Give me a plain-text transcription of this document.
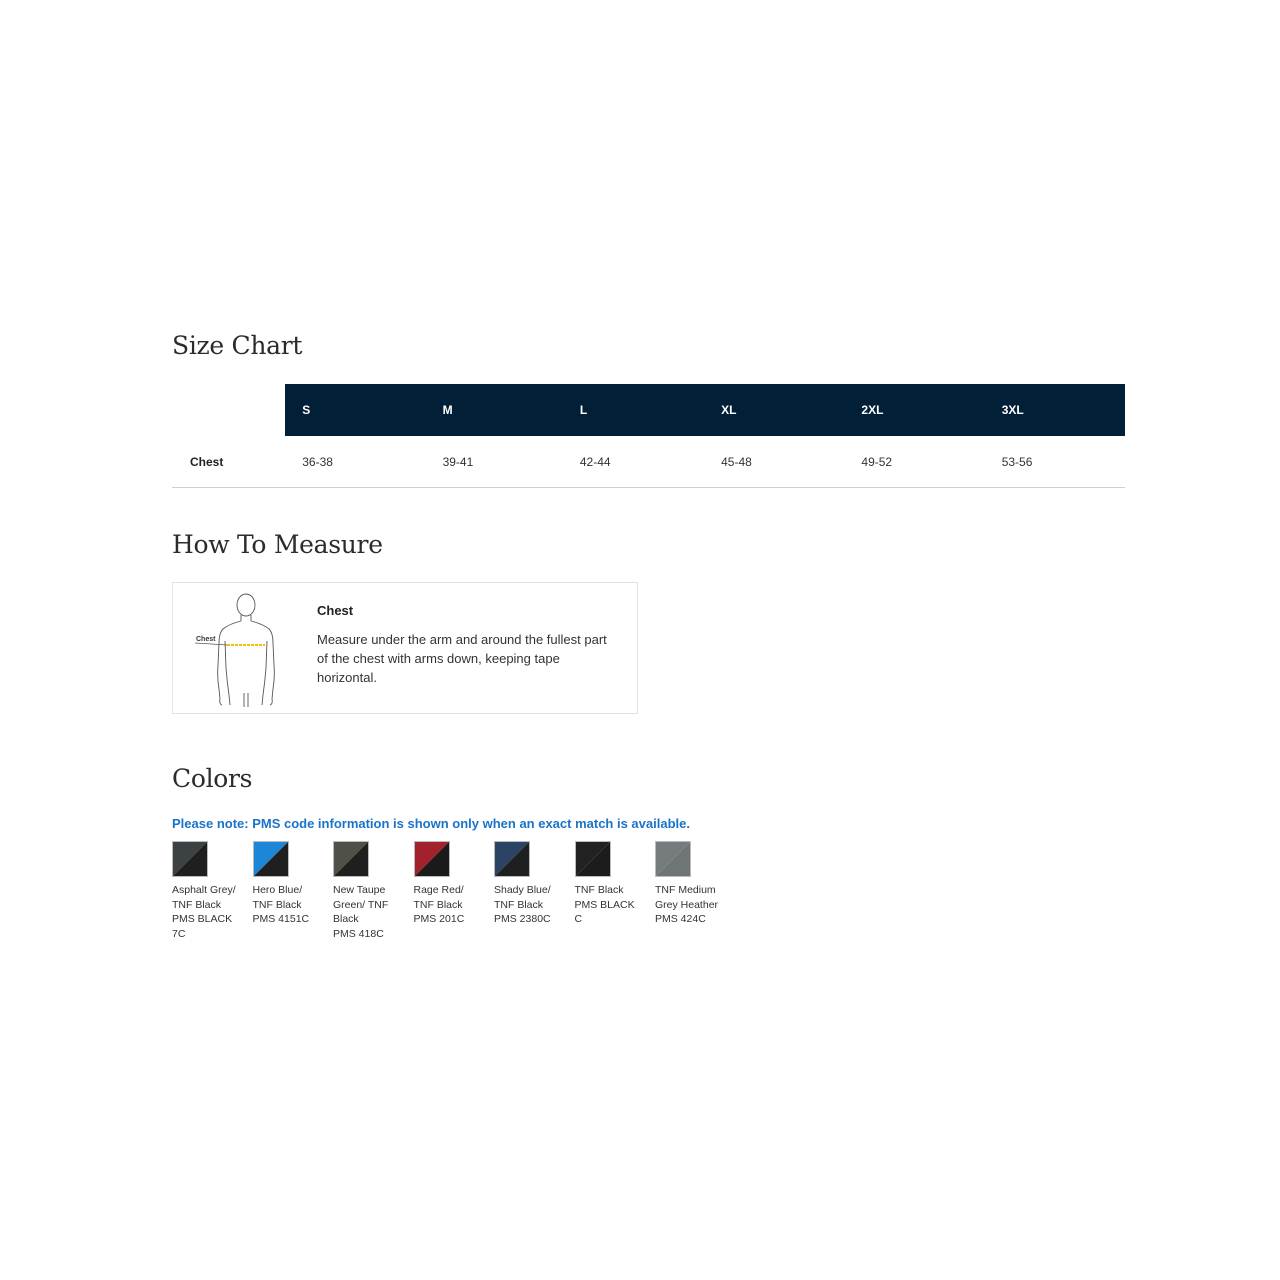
Size Chart
	S	M	L	XL	2XL	3XL
Chest	36-38	39-41	42-44	45-48	49-52	53-56
How To Measure
Chest
Chest
Measure under the arm and around the fullest part of the chest with arms down, keeping tape horizontal.
Colors
Please note: PMS code information is shown only when an exact match is available.
Asphalt Grey/
TNF Black
PMS BLACK
7C
Hero Blue/
TNF Black
PMS 4151C
New Taupe
Green/ TNF
Black
PMS 418C
Rage Red/
TNF Black
PMS 201C
Shady Blue/
TNF Black
PMS 2380C
TNF Black
PMS BLACK
C
TNF Medium
Grey Heather
PMS 424C
